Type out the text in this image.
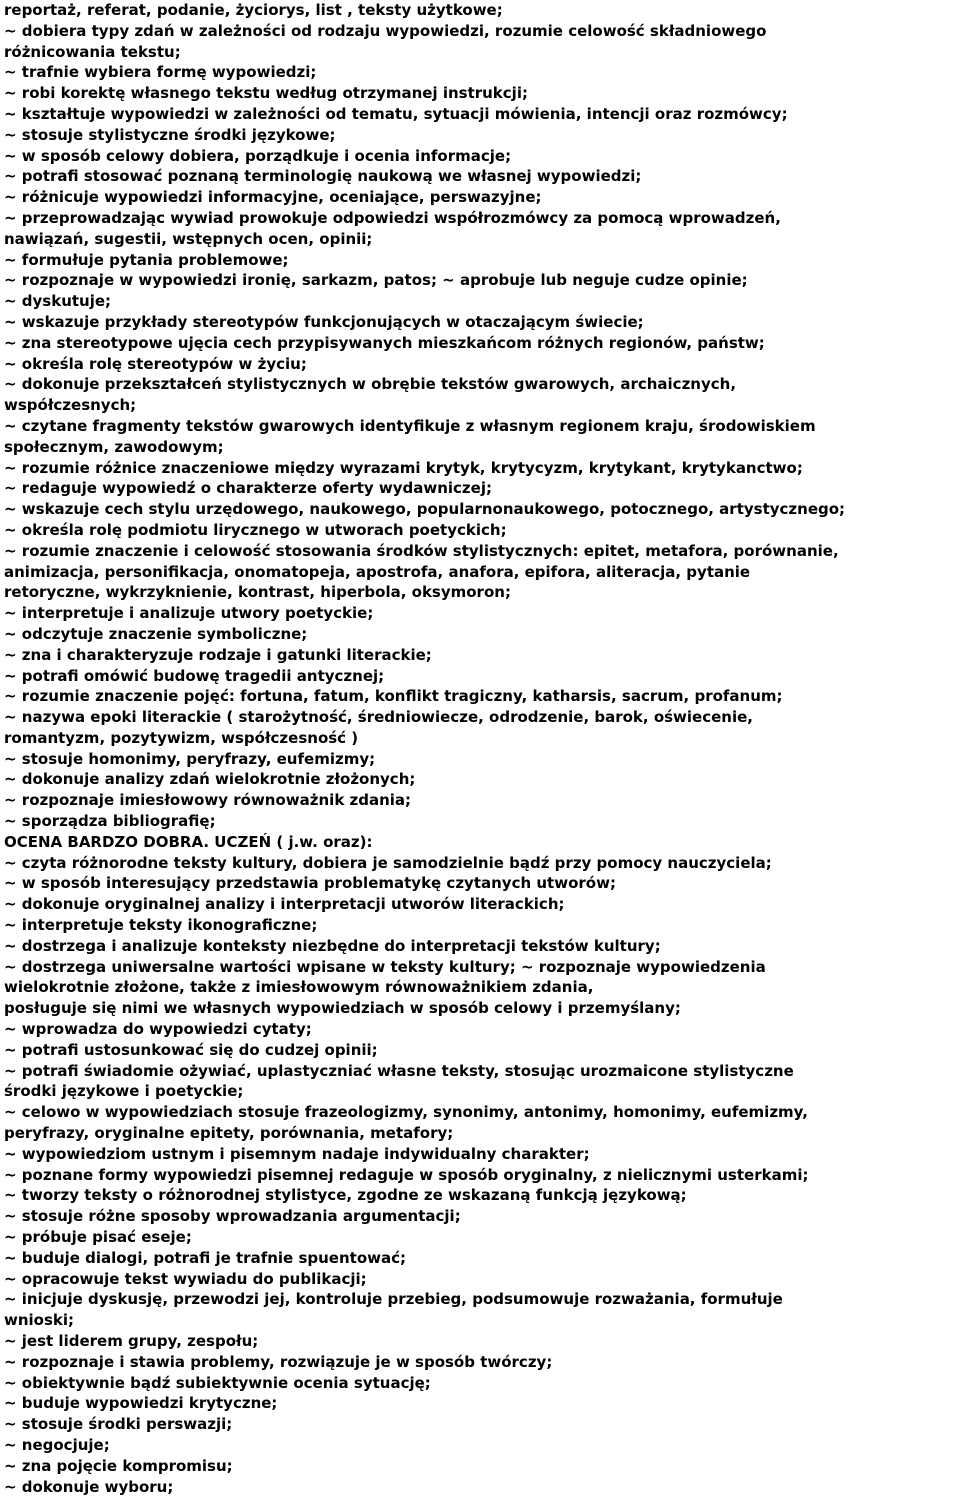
reportaż, referat, podanie, życiorys, list , teksty użytkowe;
~ dobiera typy zdań w zależności od rodzaju wypowiedzi, rozumie celowość składniowego
różnicowania tekstu;
~ trafnie wybiera formę wypowiedzi;
~ robi korektę własnego tekstu według otrzymanej instrukcji;
~ kształtuje wypowiedzi w zależności od tematu, sytuacji mówienia, intencji oraz rozmówcy;
~ stosuje stylistyczne środki językowe;
~ w sposób celowy dobiera, porządkuje i ocenia informacje;
~ potrafi stosować poznaną terminologię naukową we własnej wypowiedzi;
~ różnicuje wypowiedzi informacyjne, oceniające, perswazyjne;
~ przeprowadzając wywiad prowokuje odpowiedzi współrozmówcy za pomocą wprowadzeń,
nawiązań, sugestii, wstępnych ocen, opinii;
~ formułuje pytania problemowe;
~ rozpoznaje w wypowiedzi ironię, sarkazm, patos; ~ aprobuje lub neguje cudze opinie;
~ dyskutuje;
~ wskazuje przykłady stereotypów funkcjonujących w otaczającym świecie;
~ zna stereotypowe ujęcia cech przypisywanych mieszkańcom różnych regionów, państw;
~ określa rolę stereotypów w życiu;
~ dokonuje przekształceń stylistycznych w obrębie tekstów gwarowych, archaicznych,
współczesnych;
~ czytane fragmenty tekstów gwarowych identyfikuje z własnym regionem kraju, środowiskiem
społecznym, zawodowym;
~ rozumie różnice znaczeniowe między wyrazami krytyk, krytycyzm, krytykant, krytykanctwo;
~ redaguje wypowiedź o charakterze oferty wydawniczej;
~ wskazuje cech stylu urzędowego, naukowego, popularnonaukowego, potocznego, artystycznego;
~ określa rolę podmiotu lirycznego w utworach poetyckich;
~ rozumie znaczenie i celowość stosowania środków stylistycznych: epitet, metafora, porównanie,
animizacja, personifikacja, onomatopeja, apostrofa, anafora, epifora, aliteracja, pytanie
retoryczne, wykrzyknienie, kontrast, hiperbola, oksymoron;
~ interpretuje i analizuje utwory poetyckie;
~ odczytuje znaczenie symboliczne;
~ zna i charakteryzuje rodzaje i gatunki literackie;
~ potrafi omówić budowę tragedii antycznej;
~ rozumie znaczenie pojęć: fortuna, fatum, konflikt tragiczny, katharsis, sacrum, profanum;
~ nazywa epoki literackie ( starożytność, średniowiecze, odrodzenie, barok, oświecenie,
romantyzm, pozytywizm, współczesność )
~ stosuje homonimy, peryfrazy, eufemizmy;
~ dokonuje analizy zdań wielokrotnie złożonych;
~ rozpoznaje imiesłowowy równoważnik zdania;
~ sporządza bibliografię;
OCENA BARDZO DOBRA. UCZEŃ ( j.w. oraz):
~ czyta różnorodne teksty kultury, dobiera je samodzielnie bądź przy pomocy nauczyciela;
~ w sposób interesujący przedstawia problematykę czytanych utworów;
~ dokonuje oryginalnej analizy i interpretacji utworów literackich;
~ interpretuje teksty ikonograficzne;
~ dostrzega i analizuje konteksty niezbędne do interpretacji tekstów kultury;
~ dostrzega uniwersalne wartości wpisane w teksty kultury; ~ rozpoznaje wypowiedzenia
wielokrotnie złożone, także z imiesłowowym równoważnikiem zdania,
posługuje się nimi we własnych wypowiedziach w sposób celowy i przemyślany;
~ wprowadza do wypowiedzi cytaty;
~ potrafi ustosunkować się do cudzej opinii;
~ potrafi świadomie ożywiać, uplastyczniać własne teksty, stosując urozmaicone stylistyczne
środki językowe i poetyckie;
~ celowo w wypowiedziach stosuje frazeologizmy, synonimy, antonimy, homonimy, eufemizmy,
peryfrazy, oryginalne epitety, porównania, metafory;
~ wypowiedziom ustnym i pisemnym nadaje indywidualny charakter;
~ poznane formy wypowiedzi pisemnej redaguje w sposób oryginalny, z nielicznymi usterkami;
~ tworzy teksty o różnorodnej stylistyce, zgodne ze wskazaną funkcją językową;
~ stosuje różne sposoby wprowadzania argumentacji;
~ próbuje pisać eseje;
~ buduje dialogi, potrafi je trafnie spuentować;
~ opracowuje tekst wywiadu do publikacji;
~ inicjuje dyskusję, przewodzi jej, kontroluje przebieg, podsumowuje rozważania, formułuje
wnioski;
~ jest liderem grupy, zespołu;
~ rozpoznaje i stawia problemy, rozwiązuje je w sposób twórczy;
~ obiektywnie bądź subiektywnie ocenia sytuację;
~ buduje wypowiedzi krytyczne;
~ stosuje środki perswazji;
~ negocjuje;
~ zna pojęcie kompromisu;
~ dokonuje wyboru;
